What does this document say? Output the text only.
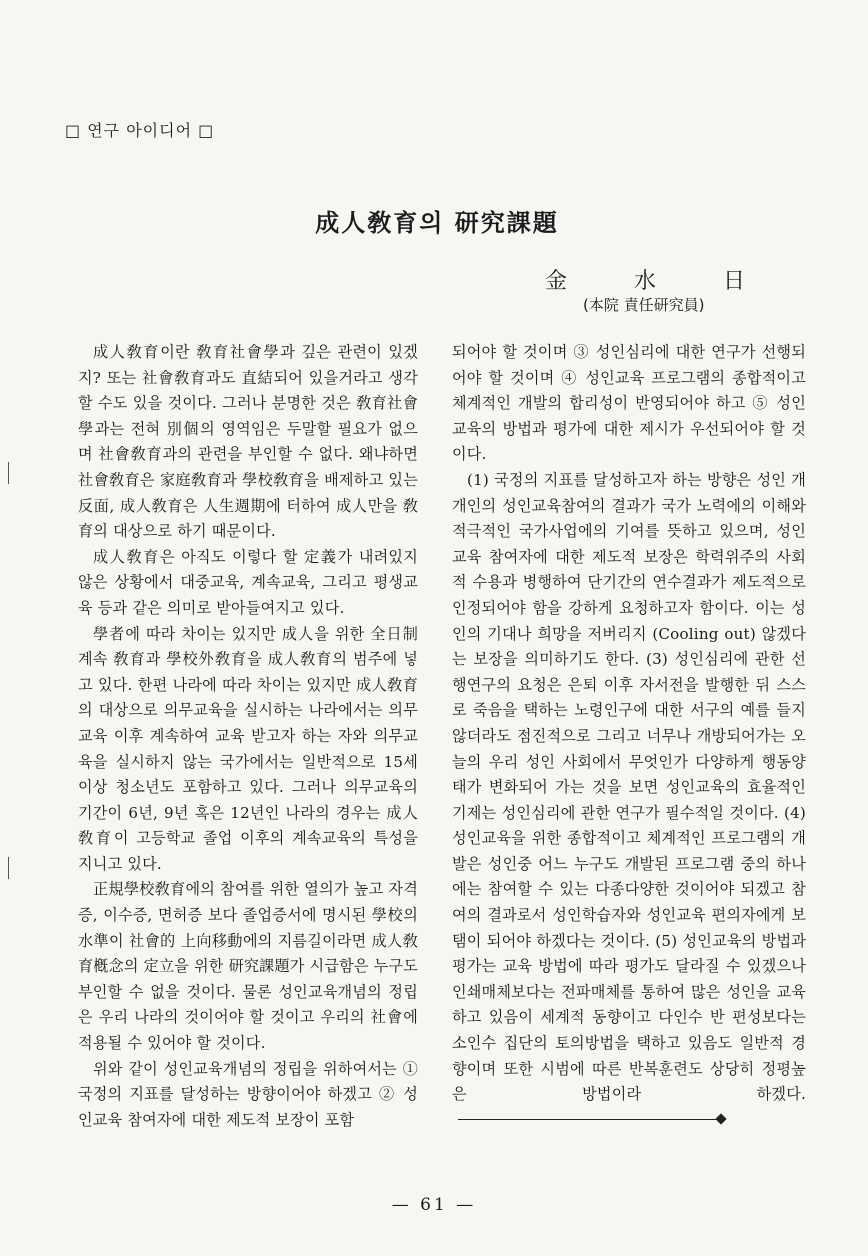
□ 연구 아이디어 □
成人敎育의 研究課題
金	水	日
(本院 責任研究員)

成人敎育이란 敎育社會學과 깊은 관련이 있겠지? 또는 社會敎育과도 直結되어 있을거라고 생각할 수도 있을 것이다. 그러나 분명한 것은 敎育社會學과는 전혀 別個의 영역임은 두말할 필요가 없으며 社會敎育과의 관련을 부인할 수 없다. 왜냐하면 社會敎育은 家庭敎育과 學校敎育을 배제하고 있는 反面, 成人敎育은 人生週期에 터하여 成人만을 敎育의 대상으로 하기 때문이다.

成人敎育은 아직도 이렇다 할 定義가 내려있지 않은 상황에서 대중교육, 계속교육, 그리고 평생교육 등과 같은 의미로 받아들여지고 있다.

學者에 따라 차이는 있지만 成人을 위한 全日制 계속 敎育과 學校外敎育을 成人敎育의 범주에 넣고 있다. 한편 나라에 따라 차이는 있지만 成人敎育의 대상으로 의무교육을 실시하는 나라에서는 의무교육 이후 계속하여 교육 받고자 하는 자와 의무교육을 실시하지 않는 국가에서는 일반적으로 15세 이상 청소년도 포함하고 있다. 그러나 의무교육의 기간이 6년, 9년 혹은 12년인 나라의 경우는 成人敎育이 고등학교 졸업 이후의 계속교육의 특성을 지니고 있다.

正規學校敎育에의 참여를 위한 열의가 높고 자격증, 이수증, 면허증 보다 졸업증서에 명시된 學校의 水準이 社會的 上向移動에의 지름길이라면 成人敎育槪念의 定立을 위한 研究課題가 시급함은 누구도 부인할 수 없을 것이다. 물론 성인교육개념의 정립은 우리 나라의 것이어야 할 것이고 우리의 社會에 적용될 수 있어야 할 것이다.

위와 같이 성인교육개념의 정립을 위하여서는 ① 국정의 지표를 달성하는 방향이어야 하겠고 ② 성인교육 참여자에 대한 제도적 보장이 포함

되어야 할 것이며 ③ 성인심리에 대한 연구가 선행되어야 할 것이며 ④ 성인교육 프로그램의 종합적이고 체계적인 개발의 합리성이 반영되어야 하고 ⑤ 성인교육의 방법과 평가에 대한 제시가 우선되어야 할 것이다.

(1) 국정의 지표를 달성하고자 하는 방향은 성인 개개인의 성인교육참여의 결과가 국가 노력에의 이해와 적극적인 국가사업에의 기여를 뜻하고 있으며, 성인교육 참여자에 대한 제도적 보장은 학력위주의 사회적 수용과 병행하여 단기간의 연수결과가 제도적으로 인정되어야 함을 강하게 요청하고자 함이다. 이는 성인의 기대나 희망을 저버리지 (Cooling out) 않겠다는 보장을 의미하기도 한다. (3) 성인심리에 관한 선행연구의 요청은 은퇴 이후 자서전을 발행한 뒤 스스로 죽음을 택하는 노령인구에 대한 서구의 예를 들지 않더라도 점진적으로 그리고 너무나 개방되어가는 오늘의 우리 성인 사회에서 무엇인가 다양하게 행동양태가 변화되어 가는 것을 보면 성인교육의 효율적인 기제는 성인심리에 관한 연구가 필수적일 것이다. (4) 성인교육을 위한 종합적이고 체계적인 프로그램의 개발은 성인중 어느 누구도 개발된 프로그램 중의 하나에는 참여할 수 있는 다종다양한 것이어야 되겠고 참여의 결과로서 성인학습자와 성인교육 편의자에게 보탬이 되어야 하겠다는 것이다. (5) 성인교육의 방법과 평가는 교육 방법에 따라 평가도 달라질 수 있겠으나 인쇄매체보다는 전파매체를 통하여 많은 성인을 교육하고 있음이 세계적 동향이고 다인수 반 편성보다는 소인수 집단의 토의방법을 택하고 있음도 일반적 경향이며 또한 시범에 따른 반복훈련도 상당히 정평높은 방법이라 하겠다.

— 61 —
